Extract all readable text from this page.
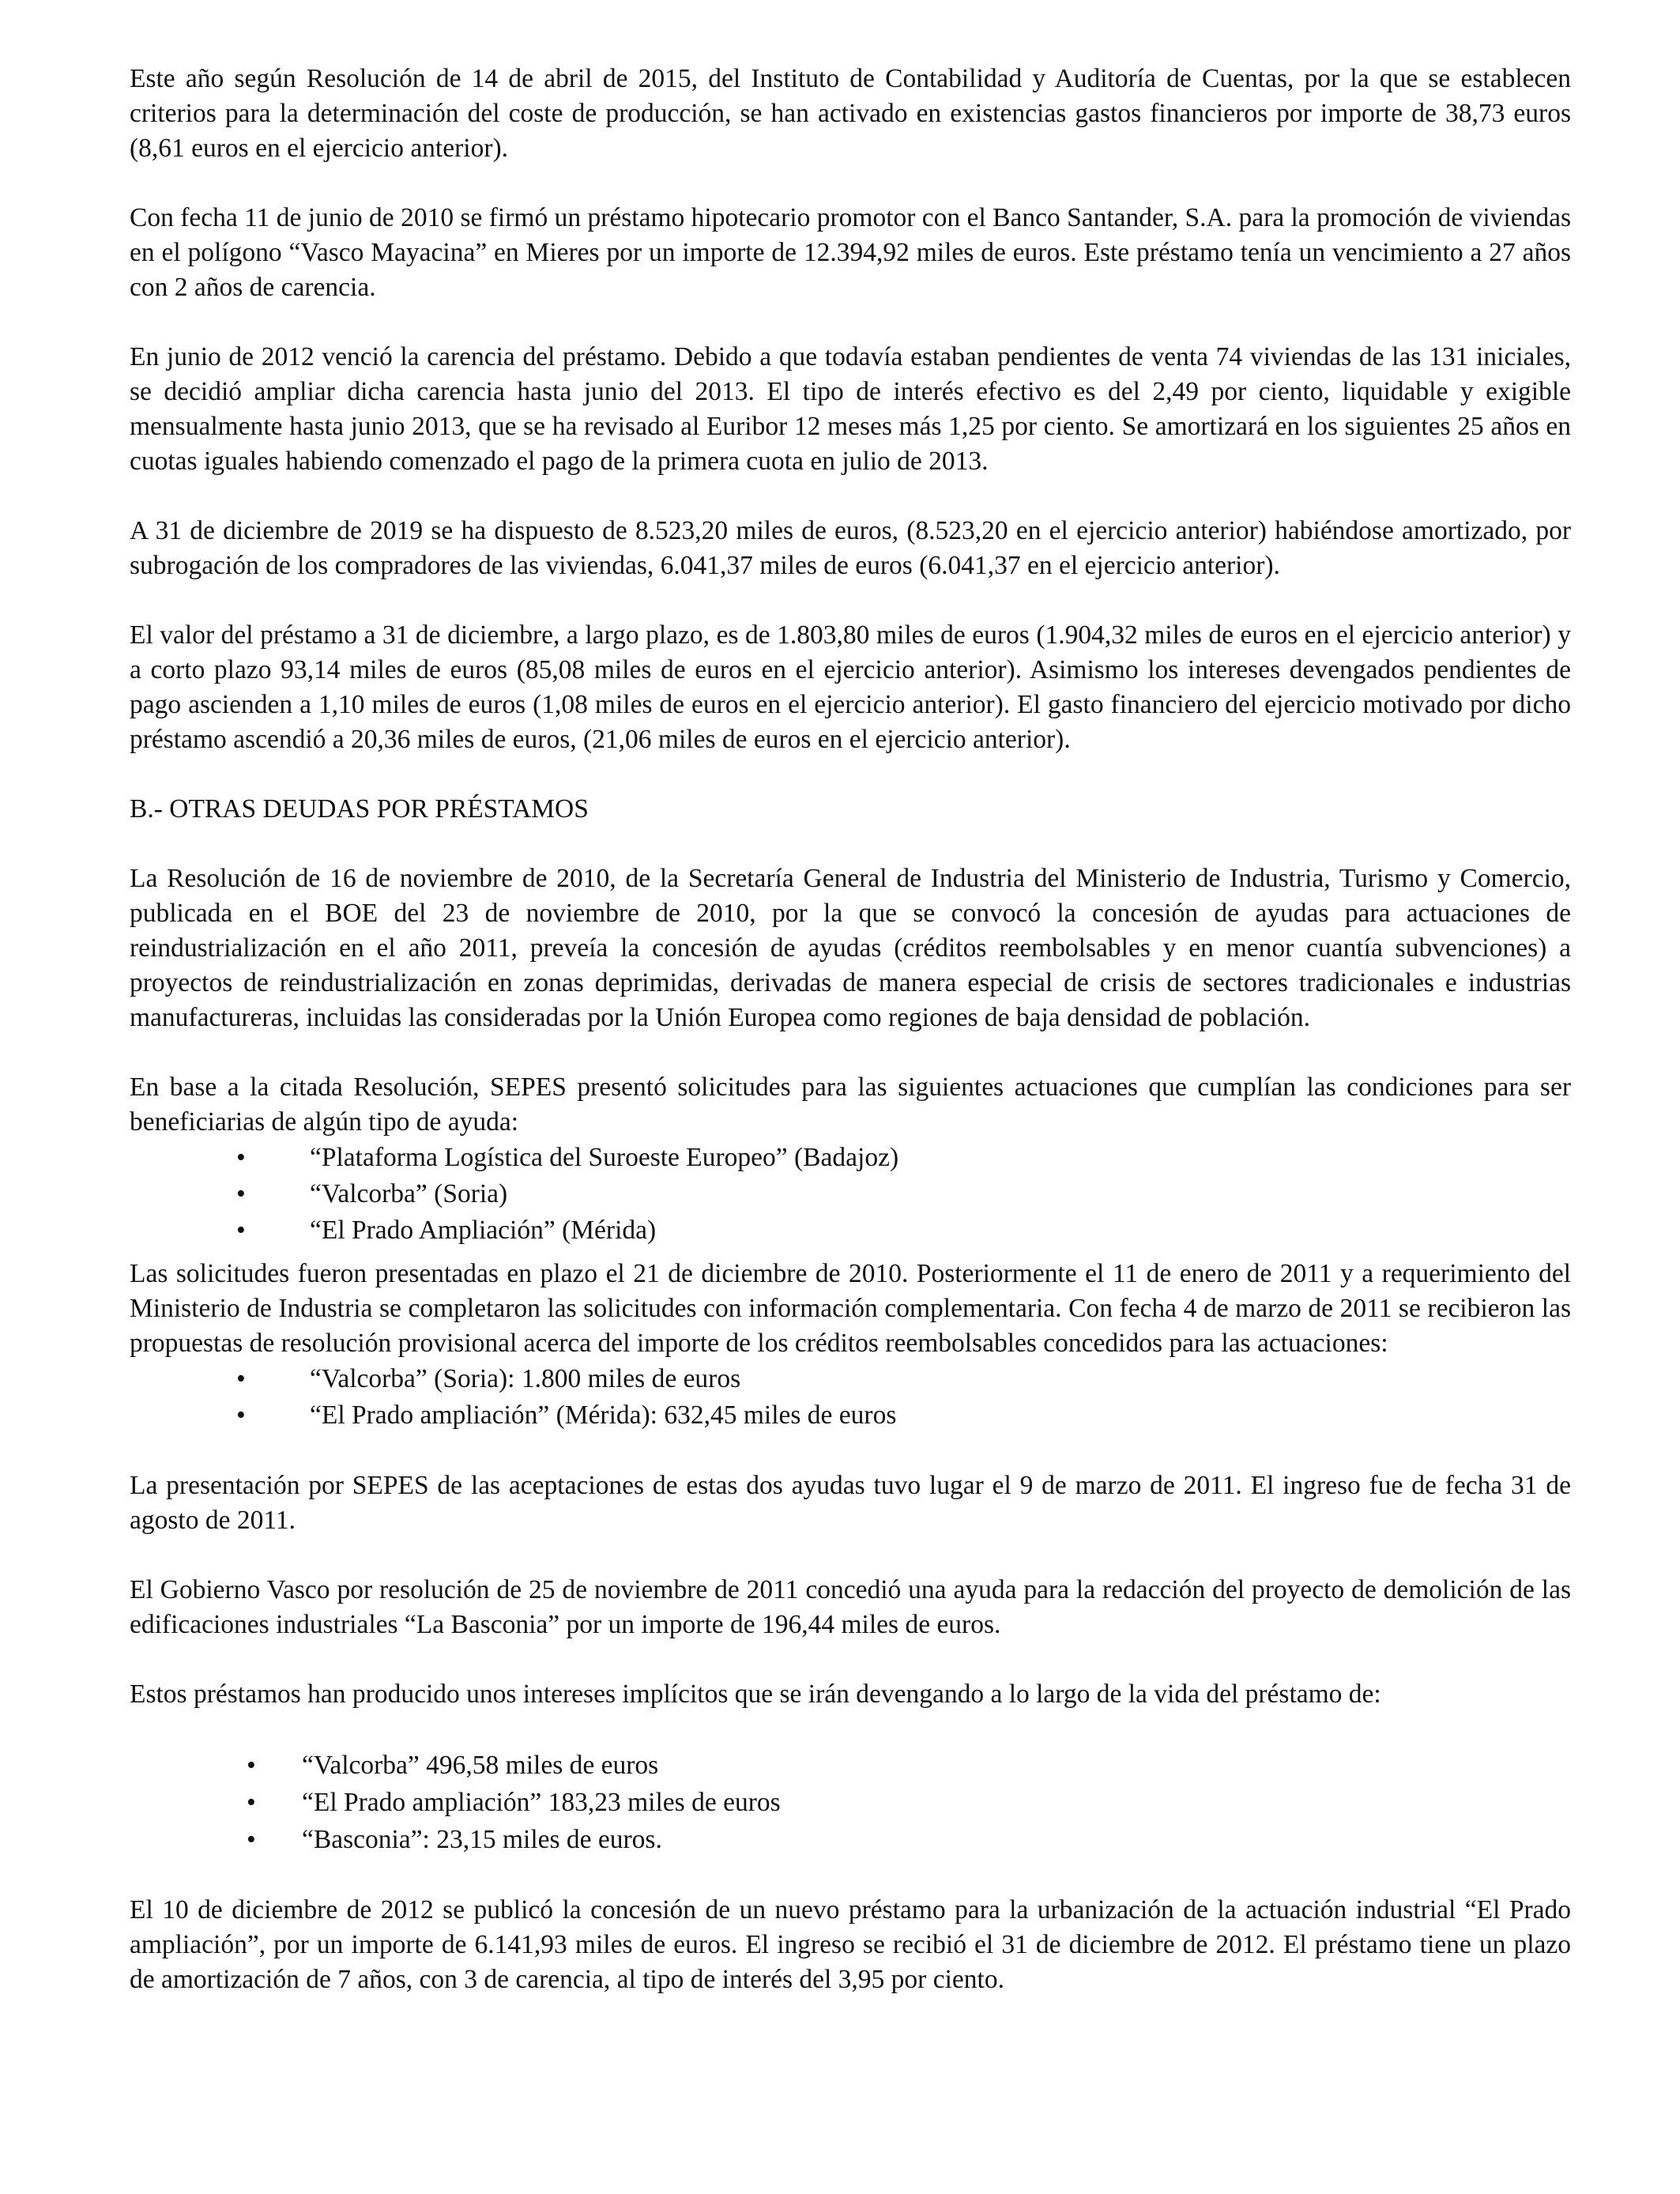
Este año según Resolución de 14 de abril de 2015, del Instituto de Contabilidad y Auditoría de Cuentas, por la que se establecen criterios para la determinación del coste de producción, se han activado en existencias gastos financieros por importe de 38,73 euros (8,61 euros en el ejercicio anterior).

Con fecha 11 de junio de 2010 se firmó un préstamo hipotecario promotor con el Banco Santander, S.A. para la promoción de viviendas en el polígono “Vasco Mayacina” en Mieres por un importe de 12.394,92 miles de euros. Este préstamo tenía un vencimiento a 27 años con 2 años de carencia.

En junio de 2012 venció la carencia del préstamo. Debido a que todavía estaban pendientes de venta 74 viviendas de las 131 iniciales, se decidió ampliar dicha carencia hasta junio del 2013. El tipo de interés efectivo es del 2,49 por ciento, liquidable y exigible mensualmente hasta junio 2013, que se ha revisado al Euribor 12 meses más 1,25 por ciento. Se amortizará en los siguientes 25 años en cuotas iguales habiendo comenzado el pago de la primera cuota en julio de 2013.

A 31 de diciembre de 2019 se ha dispuesto de 8.523,20 miles de euros, (8.523,20 en el ejercicio anterior) habiéndose amortizado, por subrogación de los compradores de las viviendas, 6.041,37 miles de euros (6.041,37 en el ejercicio anterior).

El valor del préstamo a 31 de diciembre, a largo plazo, es de 1.803,80 miles de euros (1.904,32 miles de euros en el ejercicio anterior) y a corto plazo 93,14 miles de euros (85,08 miles de euros en el ejercicio anterior). Asimismo los intereses devengados pendientes de pago ascienden a 1,10 miles de euros (1,08 miles de euros en el ejercicio anterior). El gasto financiero del ejercicio motivado por dicho préstamo ascendió a 20,36 miles de euros, (21,06 miles de euros en el ejercicio anterior).

B.- OTRAS DEUDAS POR PRÉSTAMOS

La Resolución de 16 de noviembre de 2010, de la Secretaría General de Industria del Ministerio de Industria, Turismo y Comercio, publicada en el BOE del 23 de noviembre de 2010, por la que se convocó la concesión de ayudas para actuaciones de reindustrialización en el año 2011, preveía la concesión de ayudas (créditos reembolsables y en menor cuantía subvenciones) a proyectos de reindustrialización en zonas deprimidas, derivadas de manera especial de crisis de sectores tradicionales e industrias manufactureras, incluidas las consideradas por la Unión Europea como regiones de baja densidad de población.

En base a la citada Resolución, SEPES presentó solicitudes para las siguientes actuaciones que cumplían las condiciones para ser beneficiarias de algún tipo de ayuda:

• “Plataforma Logística del Suroeste Europeo” (Badajoz)
• “Valcorba” (Soria)
• “El Prado Ampliación” (Mérida)

Las solicitudes fueron presentadas en plazo el 21 de diciembre de 2010. Posteriormente el 11 de enero de 2011 y a requerimiento del Ministerio de Industria se completaron las solicitudes con información complementaria. Con fecha 4 de marzo de 2011 se recibieron las propuestas de resolución provisional acerca del importe de los créditos reembolsables concedidos para las actuaciones:

• “Valcorba” (Soria): 1.800 miles de euros
• “El Prado ampliación” (Mérida): 632,45 miles de euros

La presentación por SEPES de las aceptaciones de estas dos ayudas tuvo lugar el 9 de marzo de 2011. El ingreso fue de fecha 31 de agosto de 2011.

El Gobierno Vasco por resolución de 25 de noviembre de 2011 concedió una ayuda para la redacción del proyecto de demolición de las edificaciones industriales “La Basconia” por un importe de 196,44 miles de euros.

Estos préstamos han producido unos intereses implícitos que se irán devengando a lo largo de la vida del préstamo de:

• “Valcorba” 496,58 miles de euros
• “El Prado ampliación” 183,23 miles de euros
• “Basconia”: 23,15 miles de euros.

El 10 de diciembre de 2012 se publicó la concesión de un nuevo préstamo para la urbanización de la actuación industrial “El Prado ampliación”, por un importe de 6.141,93 miles de euros. El ingreso se recibió el 31 de diciembre de 2012. El préstamo tiene un plazo de amortización de 7 años, con 3 de carencia, al tipo de interés del 3,95 por ciento.
